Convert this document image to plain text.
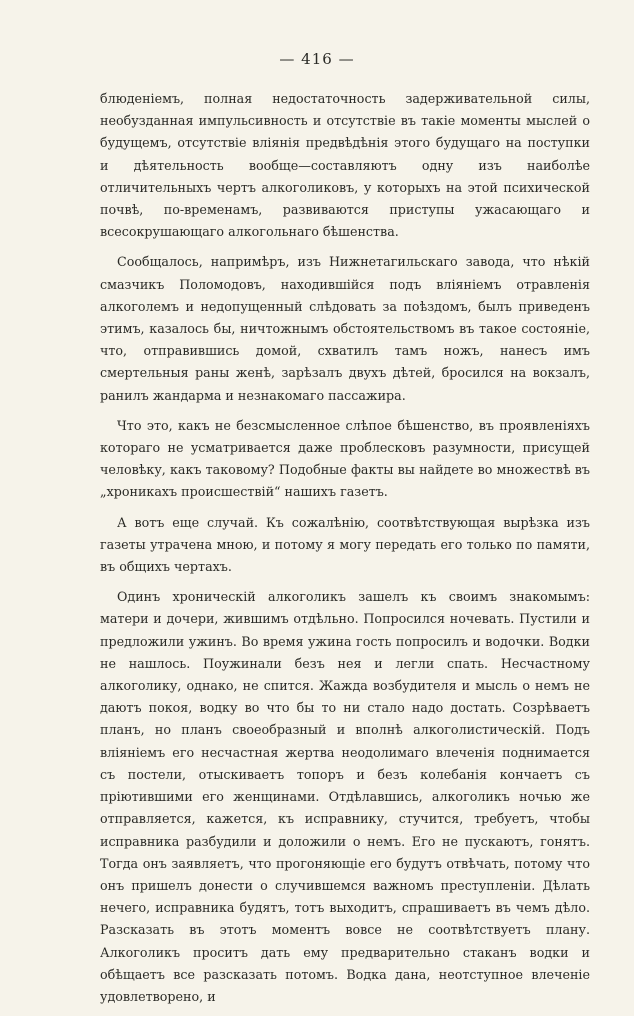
— 416 —

блюденіемъ, полная недостаточность задерживательной силы, необузданная импульсивность и отсутствіе въ такіе моменты мыслей о будущемъ, отсутствіе вліянія предвѣдѣнія этого будущаго на поступки и дѣятельность вообще—составляютъ одну изъ наиболѣе отличительныхъ чертъ алкоголиковъ, у которыхъ на этой психической почвѣ, по-временамъ, развиваются приступы ужасающаго и всесокрушающаго алкогольнаго бѣшенства.

Сообщалось, напримѣръ, изъ Нижнетагильскаго завода, что нѣкій смазчикъ Поломодовъ, находившійся подъ вліяніемъ отравленія алкоголемъ и недопущенный слѣдовать за поѣздомъ, былъ приведенъ этимъ, казалось бы, ничтожнымъ обстоятельствомъ въ такое состояніе, что, отправившись домой, схватилъ тамъ ножъ, нанесъ имъ смертельныя раны женѣ, зарѣзалъ двухъ дѣтей, бросился на вокзалъ, ранилъ жандарма и незнакомаго пассажира.

Что это, какъ не безсмысленное слѣпое бѣшенство, въ проявленіяхъ котораго не усматривается даже проблесковъ разумности, присущей человѣку, какъ таковому? Подобные факты вы найдете во множествѣ въ „хроникахъ происшествій“ нашихъ газетъ.

А вотъ еще случай. Къ сожалѣнію, соотвѣтствующая вырѣзка изъ газеты утрачена мною, и потому я могу передать его только по памяти, въ общихъ чертахъ.

Одинъ хроническій алкоголикъ зашелъ къ своимъ знакомымъ: матери и дочери, жившимъ отдѣльно. Попросился ночевать. Пустили и предложили ужинъ. Во время ужина гость попросилъ и водочки. Водки не нашлось. Поужинали безъ нея и легли спать. Несчастному алкоголику, однако, не спится. Жажда возбудителя и мысль о немъ не даютъ покоя, водку во что бы то ни стало надо достать. Созрѣваетъ планъ, но планъ своеобразный и вполнѣ алкоголистическій. Подъ вліяніемъ его несчастная жертва неодолимаго влеченія поднимается съ постели, отыскиваетъ топоръ и безъ колебанія кончаетъ съ пріютившими его женщинами. Отдѣлавшись, алкоголикъ ночью же отправляется, кажется, къ исправнику, стучится, требуетъ, чтобы исправника разбудили и доложили о немъ. Его не пускаютъ, гонятъ. Тогда онъ заявляетъ, что прогоняющіе его будутъ отвѣчать, потому что онъ пришелъ донести о случившемся важномъ преступленіи. Дѣлать нечего, исправника будятъ, тотъ выходитъ, спрашиваетъ въ чемъ дѣло. Разсказать въ этотъ моментъ вовсе не соотвѣтствуетъ плану. Алкоголикъ проситъ дать ему предварительно стаканъ водки и обѣщаетъ все разсказать потомъ. Водка дана, неотступное влеченіе удовлетворено, и
